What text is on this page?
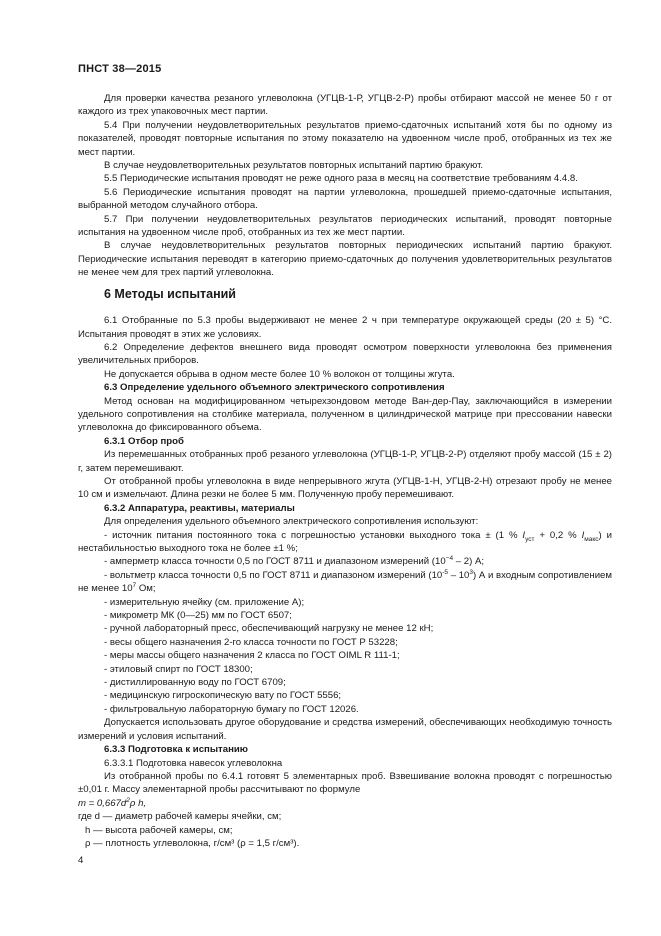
ПНСТ 38—2015

Для проверки качества резаного углеволокна (УГЦВ-1-Р, УГЦВ-2-Р) пробы отбирают массой не менее 50 г от каждого из трех упаковочных мест партии.

5.4 При получении неудовлетворительных результатов приемо-сдаточных испытаний хотя бы по одному из показателей, проводят повторные испытания по этому показателю на удвоенном числе проб, отобранных из тех же мест партии.

В случае неудовлетворительных результатов повторных испытаний партию бракуют.

5.5 Периодические испытания проводят не реже одного раза в месяц на соответствие требованиям 4.4.8.

5.6 Периодические испытания проводят на партии углеволокна, прошедшей приемо-сдаточные испытания, выбранной методом случайного отбора.

5.7 При получении неудовлетворительных результатов периодических испытаний, проводят повторные испытания на удвоенном числе проб, отобранных из тех же мест партии.

В случае неудовлетворительных результатов повторных периодических испытаний партию бракуют. Периодические испытания переводят в категорию приемо-сдаточных до получения удовлетворительных результатов не менее чем для трех партий углеволокна.

6 Методы испытаний

6.1 Отобранные по 5.3 пробы выдерживают не менее 2 ч при температуре окружающей среды (20 ± 5) °С. Испытания проводят в этих же условиях.

6.2 Определение дефектов внешнего вида проводят осмотром поверхности углеволокна без применения увеличительных приборов.

Не допускается обрыва в одном месте более 10 % волокон от толщины жгута.

6.3 Определение удельного объемного электрического сопротивления

Метод основан на модифицированном четырехзондовом методе Ван-дер-Пау, заключающийся в измерении удельного сопротивления на столбике материала, полученном в цилиндрической матрице при прессовании навески углеволокна до фиксированного объема.

6.3.1 Отбор проб

Из перемешанных отобранных проб резаного углеволокна (УГЦВ-1-Р, УГЦВ-2-Р) отделяют пробу массой (15 ± 2) г, затем перемешивают.

От отобранной пробы углеволокна в виде непрерывного жгута (УГЦВ-1-Н, УГЦВ-2-Н) отрезают пробу не менее 10 см и измельчают. Длина резки не более 5 мм. Полученную пробу перемешивают.

6.3.2 Аппаратура, реактивы, материалы

Для определения удельного объемного электрического сопротивления используют:

- источник питания постоянного тока с погрешностью установки выходного тока ± (1 % $I_{уст} + 0,2$ % $I_{макс}$) и нестабильностью выходного тока не более ±1 %;

- амперметр класса точности 0,5 по ГОСТ 8711 и диапазоном измерений $(10^{-4} - 2)$ А;

- вольтметр класса точности 0,5 по ГОСТ 8711 и диапазоном измерений $(10^{-5} - 10^3)$ А и входным сопротивлением не менее $10^7$ Ом;

- измерительную ячейку (см. приложение А);

- микрометр МК (0—25) мм по ГОСТ 6507;

- ручной лабораторный пресс, обеспечивающий нагрузку не менее 12 кН;

- весы общего назначения 2-го класса точности по ГОСТ Р 53228;

- меры массы общего назначения 2 класса по ГОСТ OIML R 111-1;

- этиловый спирт по ГОСТ 18300;

- дистиллированную воду по ГОСТ 6709;

- медицинскую гигроскопическую вату по ГОСТ 5556;

- фильтровальную лабораторную бумагу по ГОСТ 12026.

Допускается использовать другое оборудование и средства измерений, обеспечивающих необходимую точность измерений и условия испытаний.

6.3.3 Подготовка к испытанию

6.3.3.1 Подготовка навесок углеволокна

Из отобранной пробы по 6.4.1 готовят 5 элементарных проб. Взвешивание волокна проводят с погрешностью ±0,01 г. Массу элементарной пробы рассчитывают по формуле

$m = 0,667d^2\rho$ h,

где d — диаметр рабочей камеры ячейки, см;

h — высота рабочей камеры, см;

ρ — плотность углеволокна, г/см³ (ρ = 1,5 г/см³).

4
